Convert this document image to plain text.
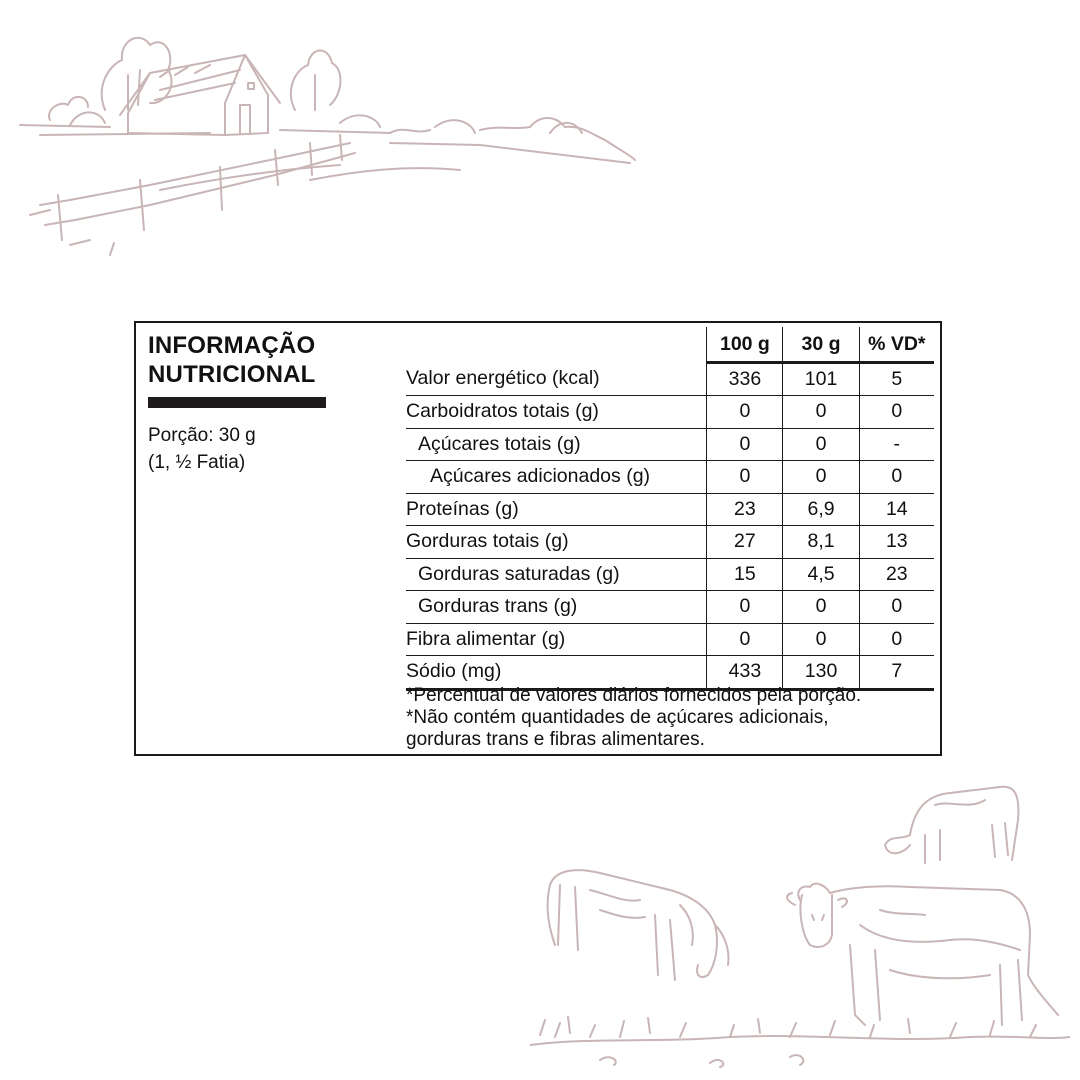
INFORMAÇÃO
NUTRICIONAL
Porção: 30 g
(1, ½ Fatia)
	100 g	30 g	% VD*
Valor energético (kcal)	336	101	5
Carboidratos totais (g)	0	0	0
Açúcares totais (g)	0	0	-
Açúcares adicionados (g)	0	0	0
Proteínas (g)	23	6,9	14
Gorduras totais (g)	27	8,1	13
Gorduras saturadas (g)	15	4,5	23
Gorduras trans (g)	0	0	0
Fibra alimentar (g)	0	0	0
Sódio (mg)	433	130	7
*Percentual de valores diários fornecidos pela porção.
*Não contém quantidades de açúcares adicionais,
gorduras trans e fibras alimentares.
